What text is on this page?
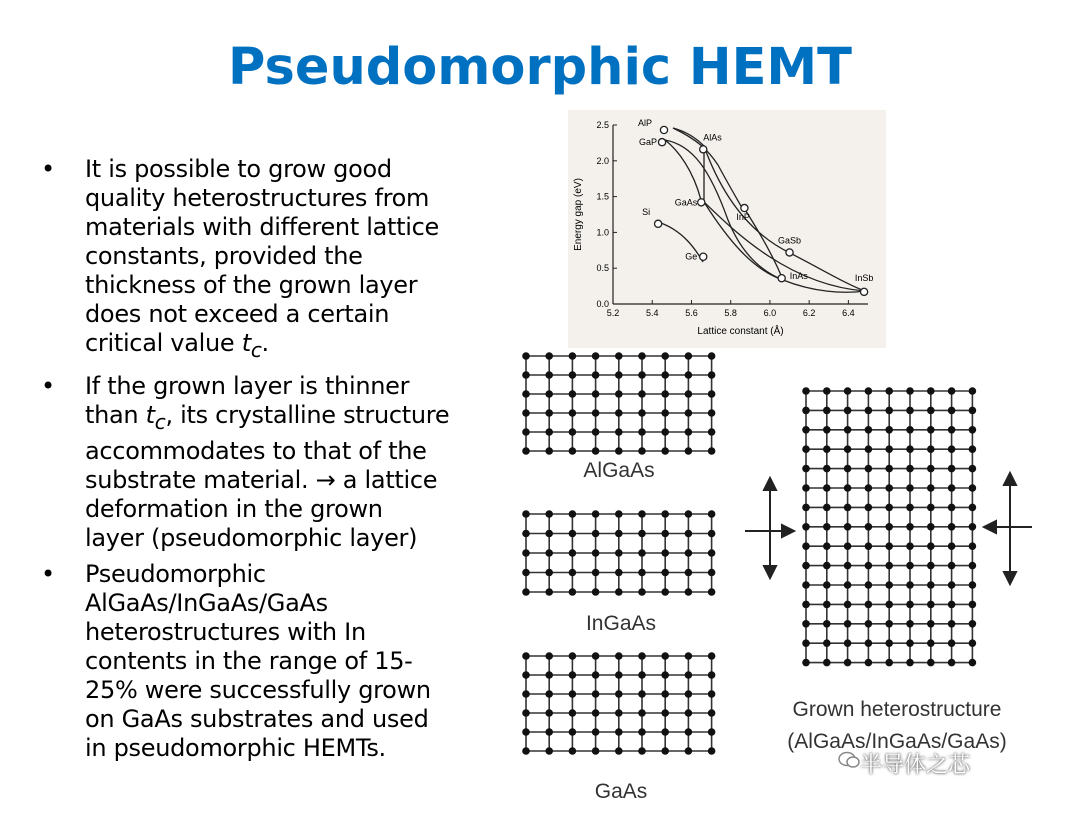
Pseudomorphic HEMT
• It is possible to grow good
quality heterostructures from
materials with different lattice
constants, provided the
thickness of the grown layer
does not exceed a certain
critical value $t_c$.
• If the grown layer is thinner
than $t_c$, its crystalline structure
accommodates to that of the
substrate material. → a lattice
deformation in the grown
layer (pseudomorphic layer)
• Pseudomorphic
AlGaAs/InGaAs/GaAs
heterostructures with In
contents in the range of 15-
25% were successfully grown
on GaAs substrates and used
in pseudomorphic HEMTs.
5.2	5.4	5.6	5.8	6.0	6.2	6.4
0.0
0.5
1.0
1.5
2.0
2.5
Lattice constant (Å)
Energy gap (eV)
AlP
GaP	AlAs
GaAs
InP
Si
GaSb
Ge
InAs	InSb
AlGaAs
InGaAs
GaAs
Grown heterostructure
(AlGaAs/InGaAs/GaAs)
半导体之芯
